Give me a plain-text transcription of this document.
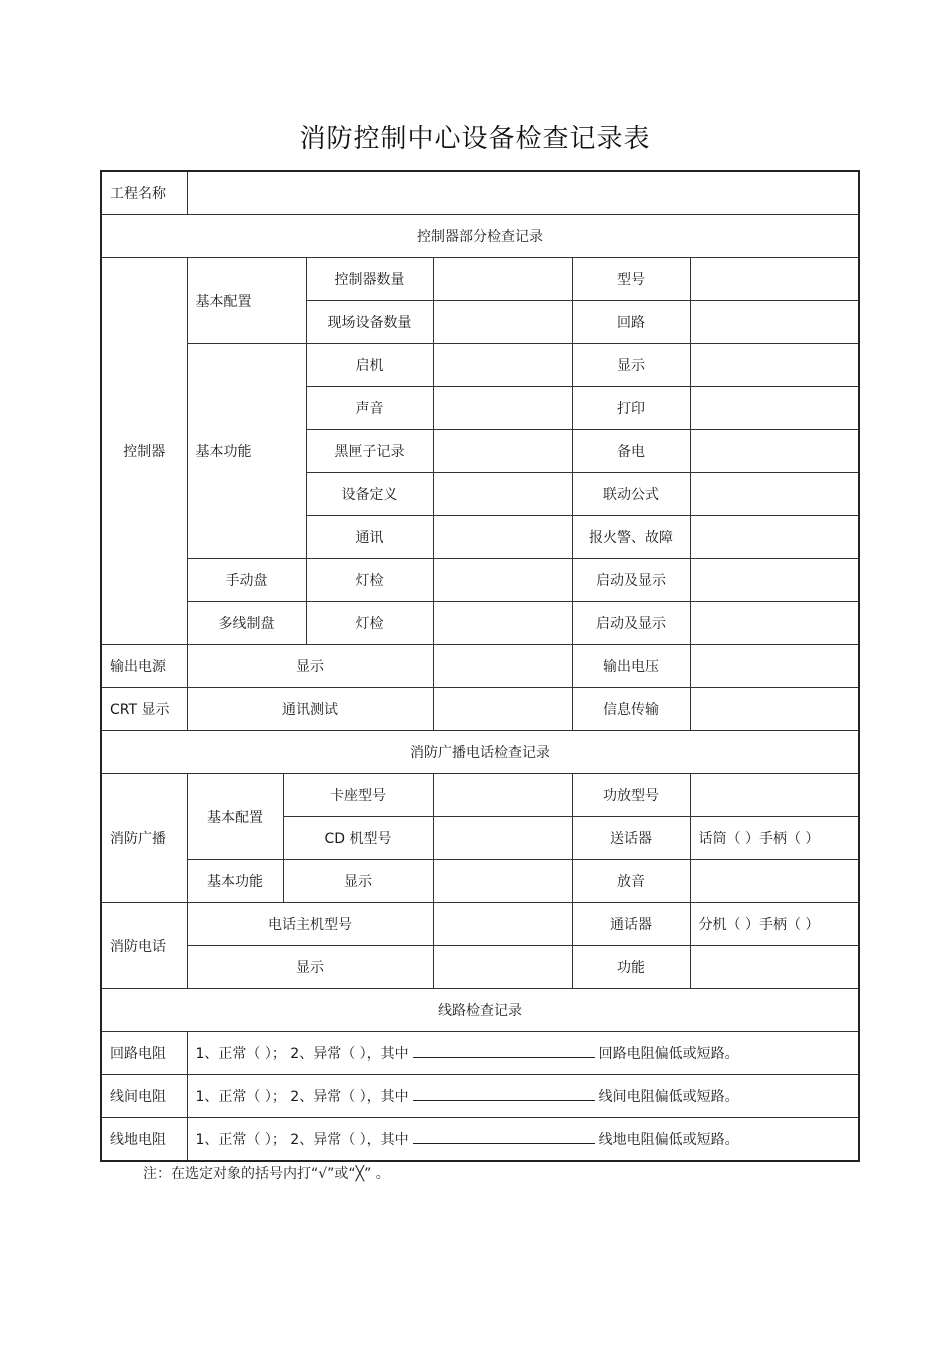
消防控制中心设备检查记录表
工程名称						
控制器部分检查记录						
控制器	基本配置		控制器数量		型号	
			现场设备数量		回路	
	基本功能		启机		显示	
			声音		打印	
			黑匣子记录		备电	
			设备定义		联动公式	
			通讯		报火警、故障	
	手动盘		灯检		启动及显示	
	多线制盘		灯检		启动及显示	
输出电源	显示				输出电压	
CRT 显示	通讯测试				信息传输	
消防广播电话检查记录						
消防广播	基本配置	卡座型号			功放型号	
		CD 机型号			送话器	话筒（ ）手柄（ ）
	基本功能	显示			放音	
消防电话	电话主机型号				通话器	分机（ ）手柄（ ）
	显示				功能	
线路检查记录						
回路电阻	1、正常（ ）； 2、异常（ ），其中 回路电阻偏低或短路。					
线间电阻	1、正常（ ）； 2、异常（ ），其中 线间电阻偏低或短路。					
线地电阻	1、正常（ ）； 2、异常（ ），其中 线地电阻偏低或短路。					
注：在选定对象的括号内打“√”或“╳” 。
